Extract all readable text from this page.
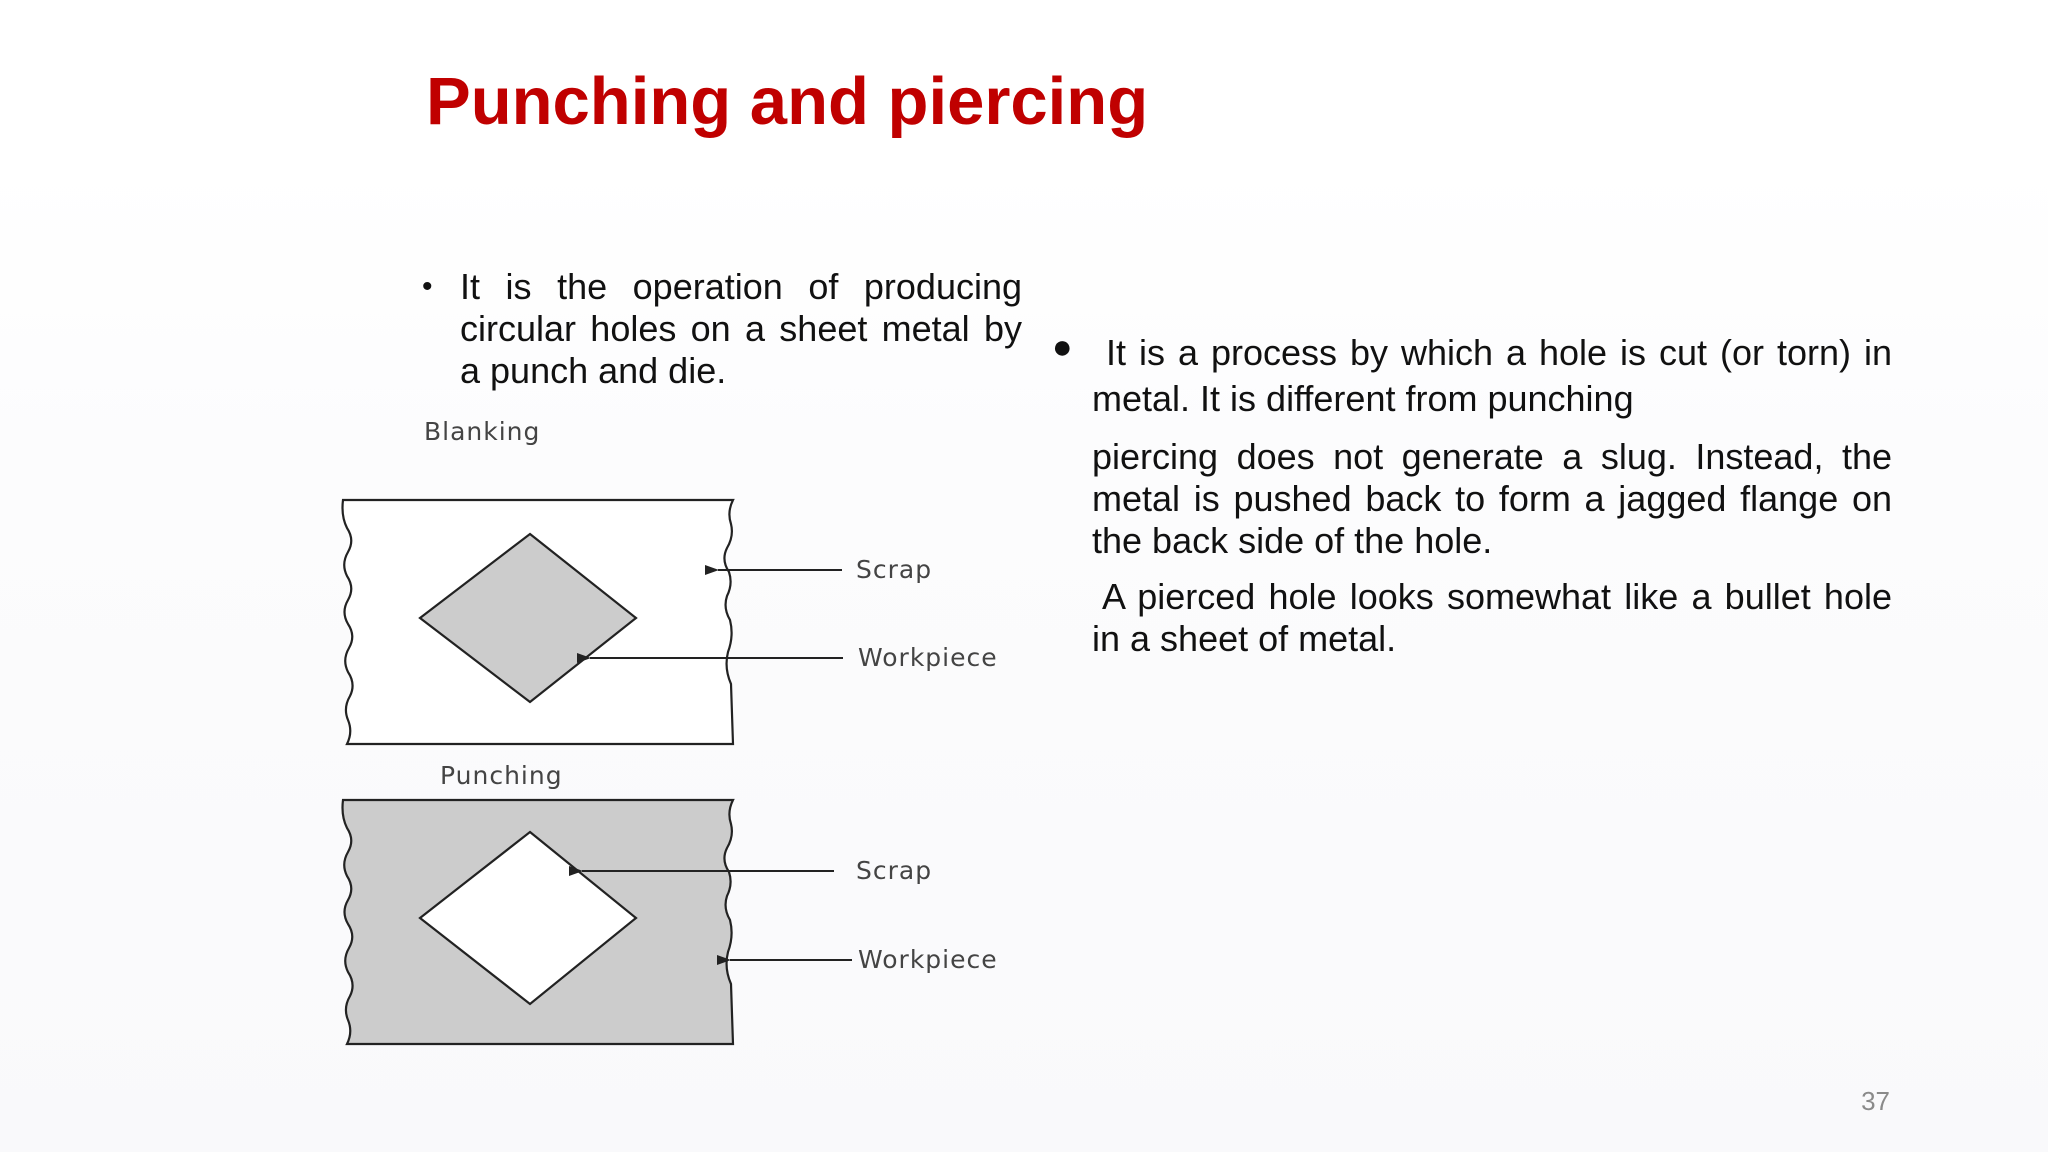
Punching and piercing
• It is the operation of producing circular holes on a sheet metal by a punch and die.

● It is a process by which a hole is cut (or torn) in metal. It is different from punching

piercing does not generate a slug. Instead, the metal is pushed back to form a jagged flange on the back side of the hole.

A pierced hole looks somewhat like a bullet hole in a sheet of metal.

Blanking
Scrap
Workpiece
Punching
Scrap
Workpiece
37
